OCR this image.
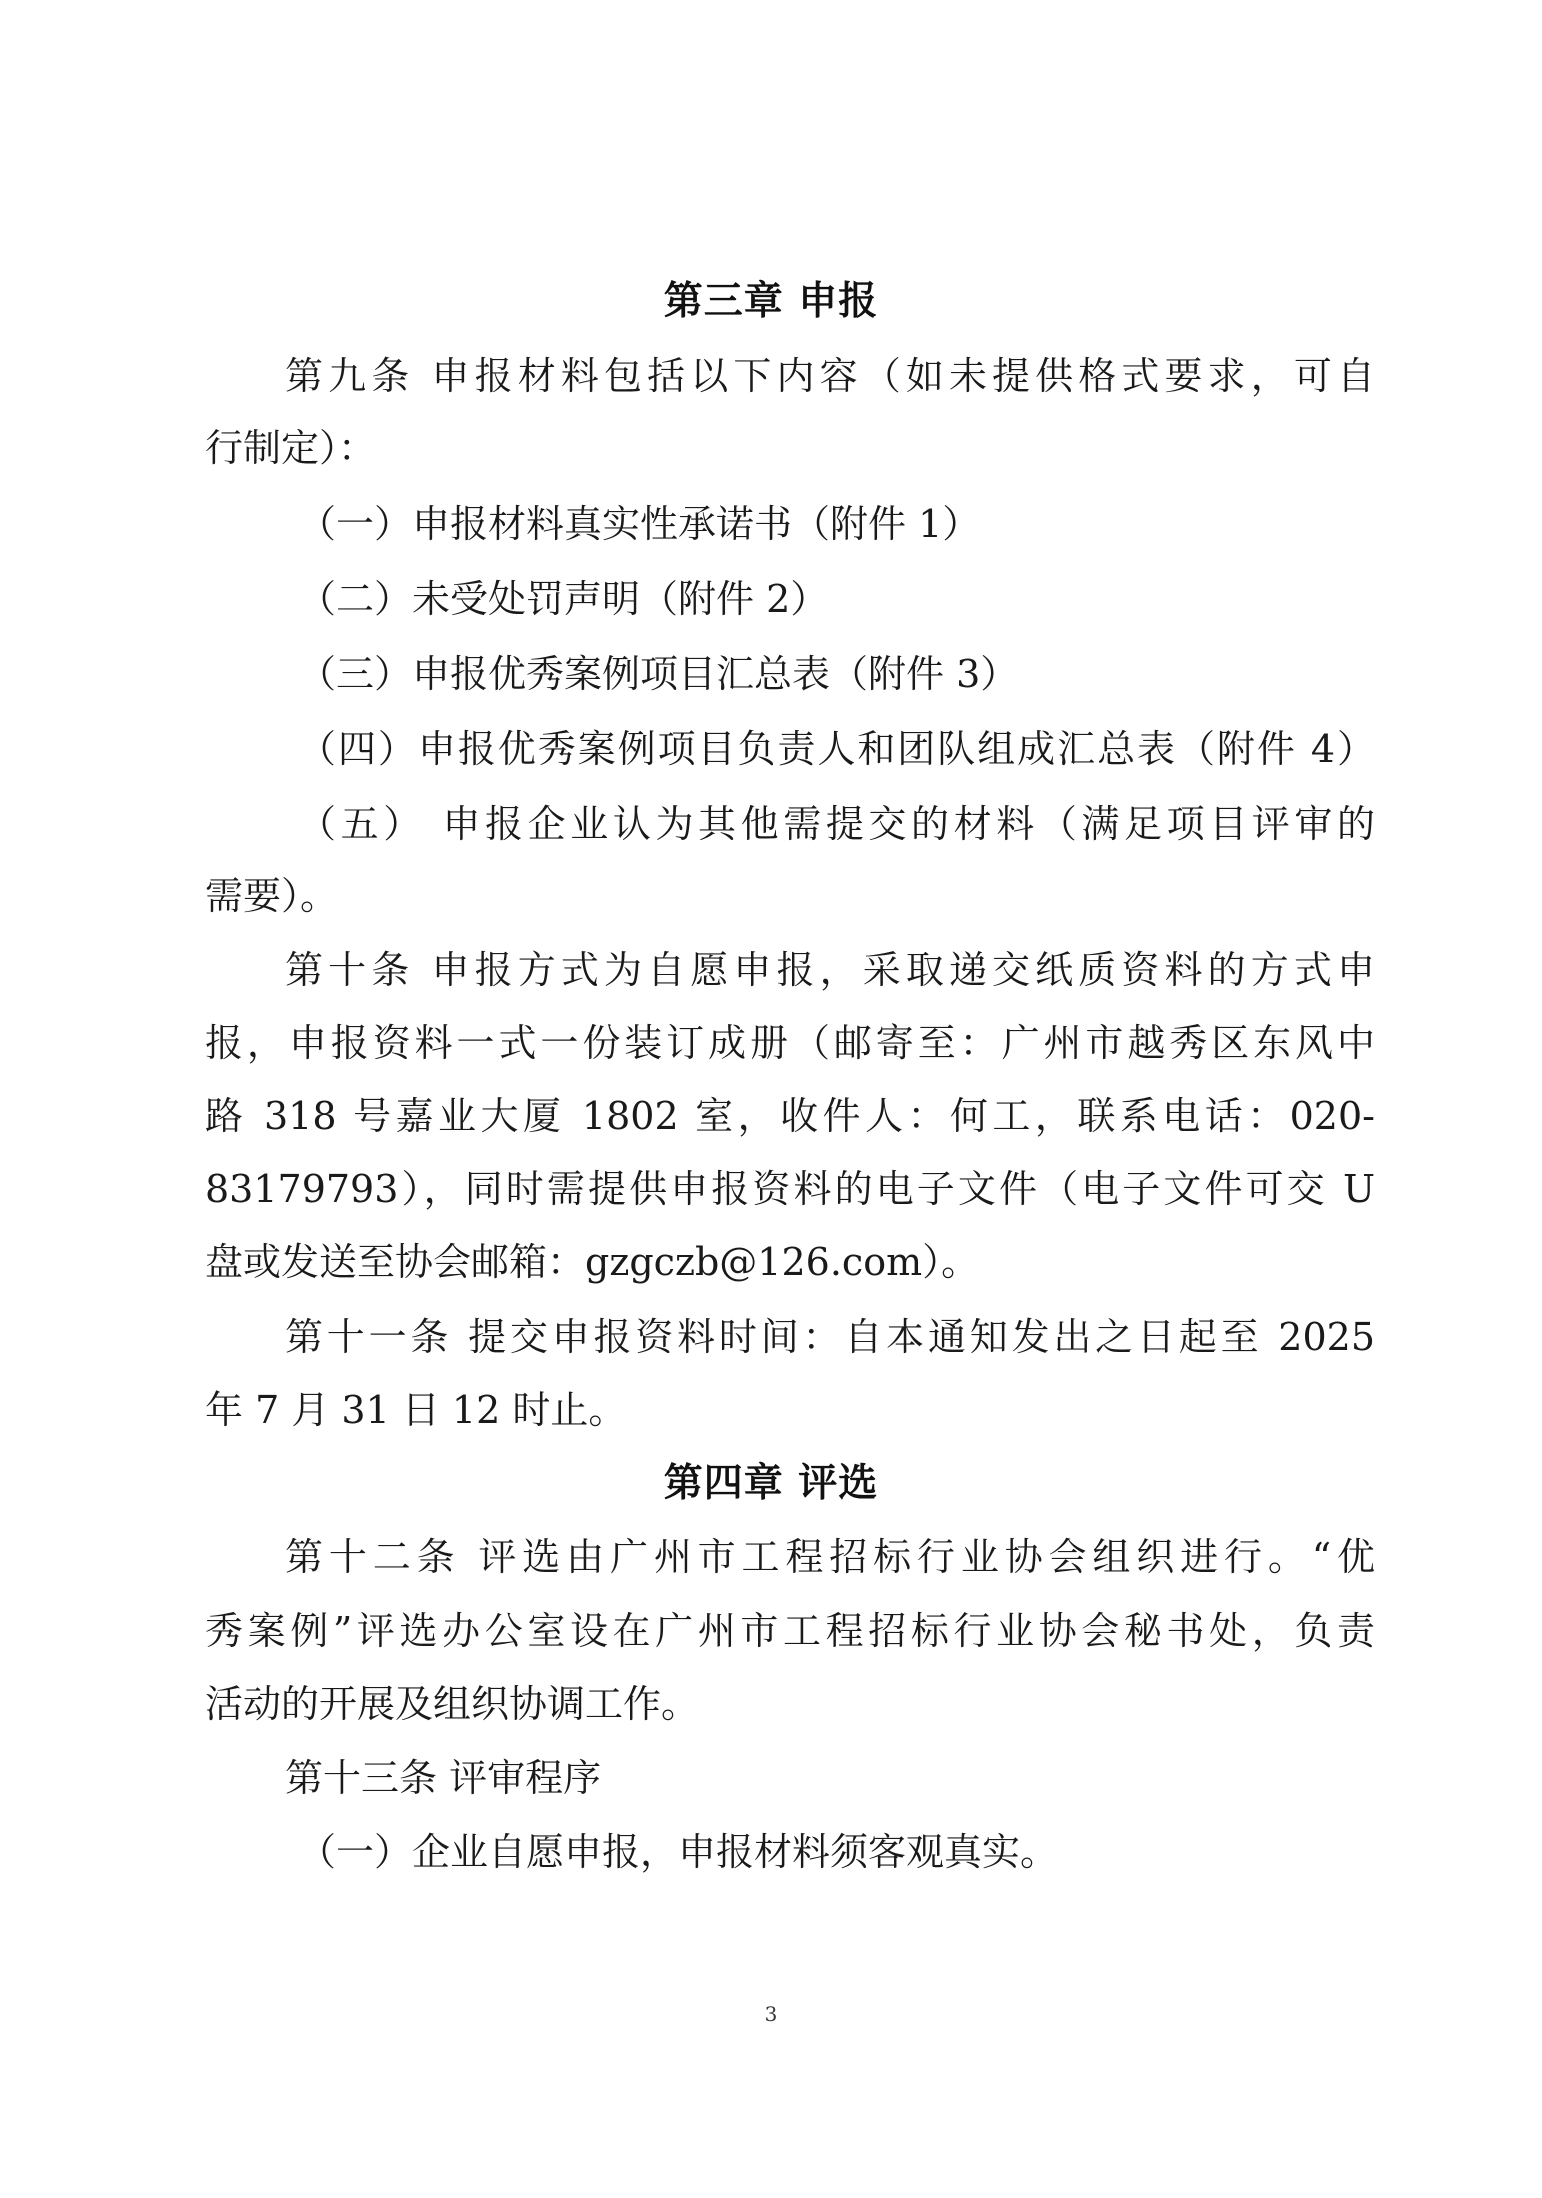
第三章 申报
第九条 申报材料包括以下内容（如未提供格式要求，可自
行制定）：
（一）申报材料真实性承诺书（附件 1）
（二）未受处罚声明（附件 2）
（三）申报优秀案例项目汇总表（附件 3）
（四）申报优秀案例项目负责人和团队组成汇总表（附件 4）
（五） 申报企业认为其他需提交的材料（满足项目评审的
需要）。
第十条 申报方式为自愿申报，采取递交纸质资料的方式申
报，申报资料一式一份装订成册（邮寄至：广州市越秀区东风中
路 318 号嘉业大厦 1802 室，收件人：何工，联系电话：020-
83179793），同时需提供申报资料的电子文件（电子文件可交 U
盘或发送至协会邮箱：gzgczb@126.com）。
第十一条 提交申报资料时间：自本通知发出之日起至 2025
年 7 月 31 日 12 时止。
第四章 评选
第十二条 评选由广州市工程招标行业协会组织进行。“优
秀案例”评选办公室设在广州市工程招标行业协会秘书处，负责
活动的开展及组织协调工作。
第十三条 评审程序
（一）企业自愿申报，申报材料须客观真实。
3
